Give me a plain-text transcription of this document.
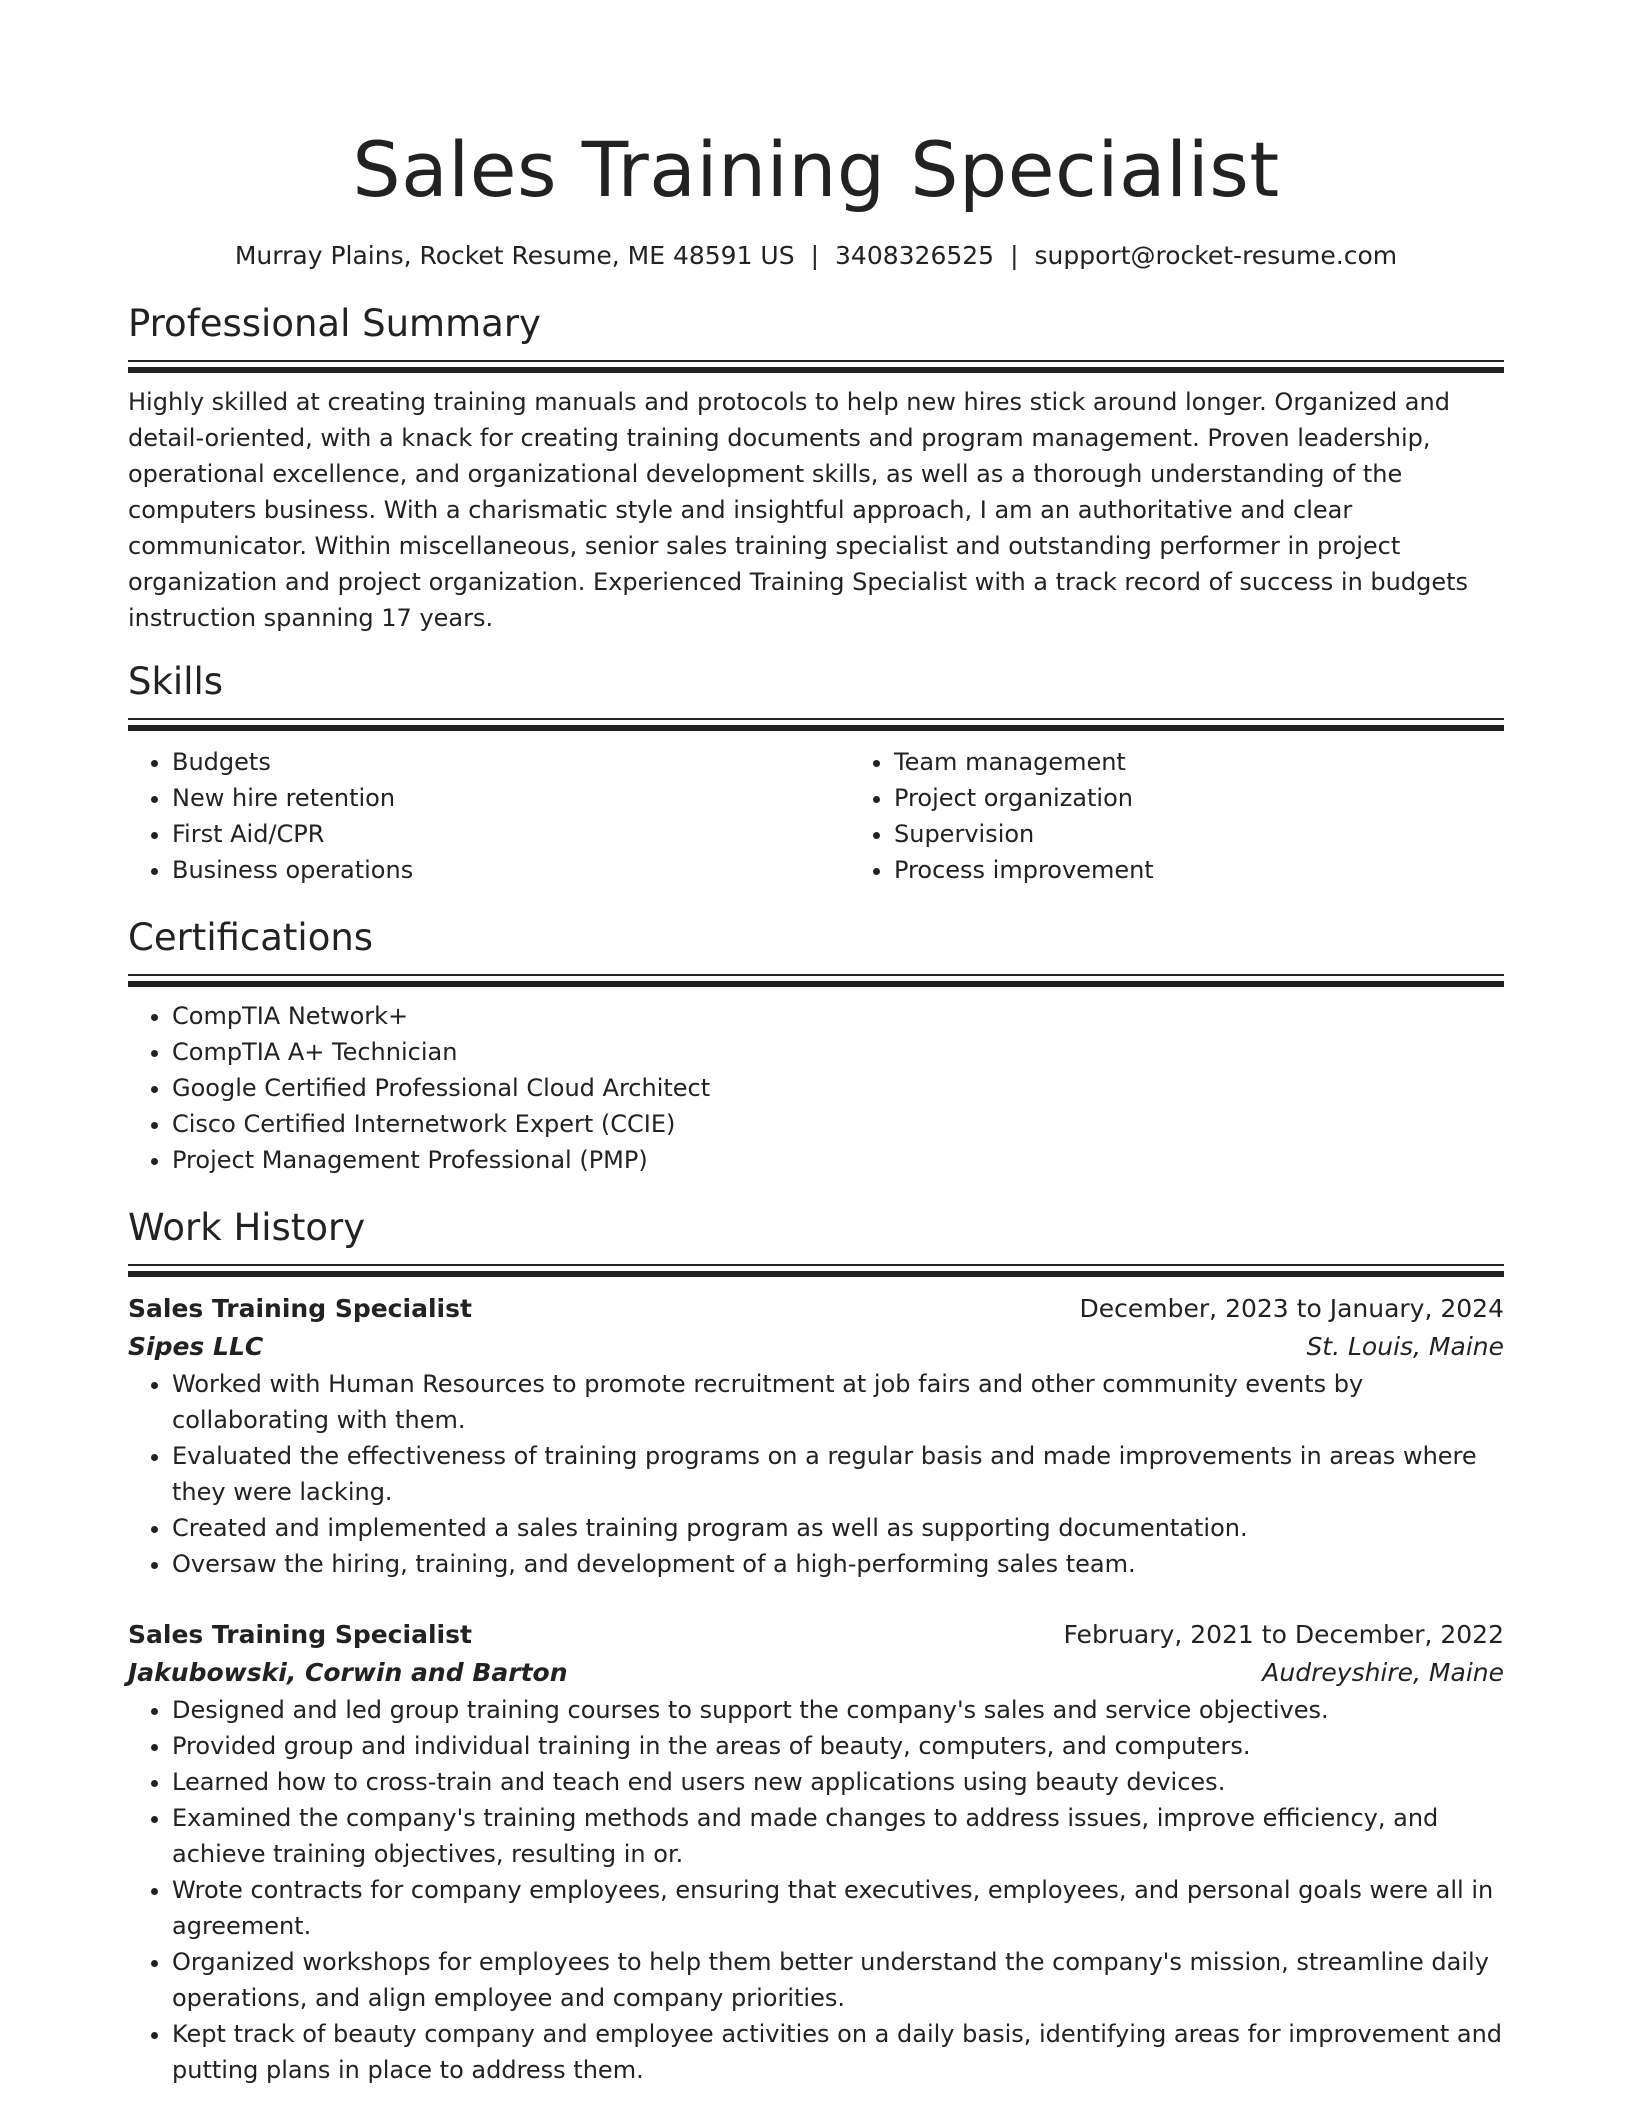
Sales Training Specialist
Murray Plains, Rocket Resume, ME 48591 US | 3408326525 | support@rocket-resume.com
Professional Summary

Highly skilled at creating training manuals and protocols to help new hires stick around longer. Organized and detail-oriented, with a knack for creating training documents and program management. Proven leadership, operational excellence, and organizational development skills, as well as a thorough understanding of the computers business. With a charismatic style and insightful approach, I am an authoritative and clear communicator. Within miscellaneous, senior sales training specialist and outstanding performer in project organization and project organization. Experienced Training Specialist with a track record of success in budgets instruction spanning 17 years.

Skills
• Budgets
• New hire retention
• First Aid/CPR
• Business operations
• Team management
• Project organization
• Supervision
• Process improvement
Certifications
• CompTIA Network+
• CompTIA A+ Technician
• Google Certified Professional Cloud Architect
• Cisco Certified Internetwork Expert (CCIE)
• Project Management Professional (PMP)
Work History
Sales Training Specialist	December, 2023 to January, 2024
Sipes LLC	St. Louis, Maine
• Worked with Human Resources to promote recruitment at job fairs and other community events by collaborating with them.
• Evaluated the effectiveness of training programs on a regular basis and made improvements in areas where they were lacking.
• Created and implemented a sales training program as well as supporting documentation.
• Oversaw the hiring, training, and development of a high-performing sales team.
Sales Training Specialist	February, 2021 to December, 2022
Jakubowski, Corwin and Barton	Audreyshire, Maine
• Designed and led group training courses to support the company's sales and service objectives.
• Provided group and individual training in the areas of beauty, computers, and computers.
• Learned how to cross-train and teach end users new applications using beauty devices.
• Examined the company's training methods and made changes to address issues, improve efficiency, and achieve training objectives, resulting in or.
• Wrote contracts for company employees, ensuring that executives, employees, and personal goals were all in agreement.
• Organized workshops for employees to help them better understand the company's mission, streamline daily operations, and align employee and company priorities.
• Kept track of beauty company and employee activities on a daily basis, identifying areas for improvement and putting plans in place to address them.
